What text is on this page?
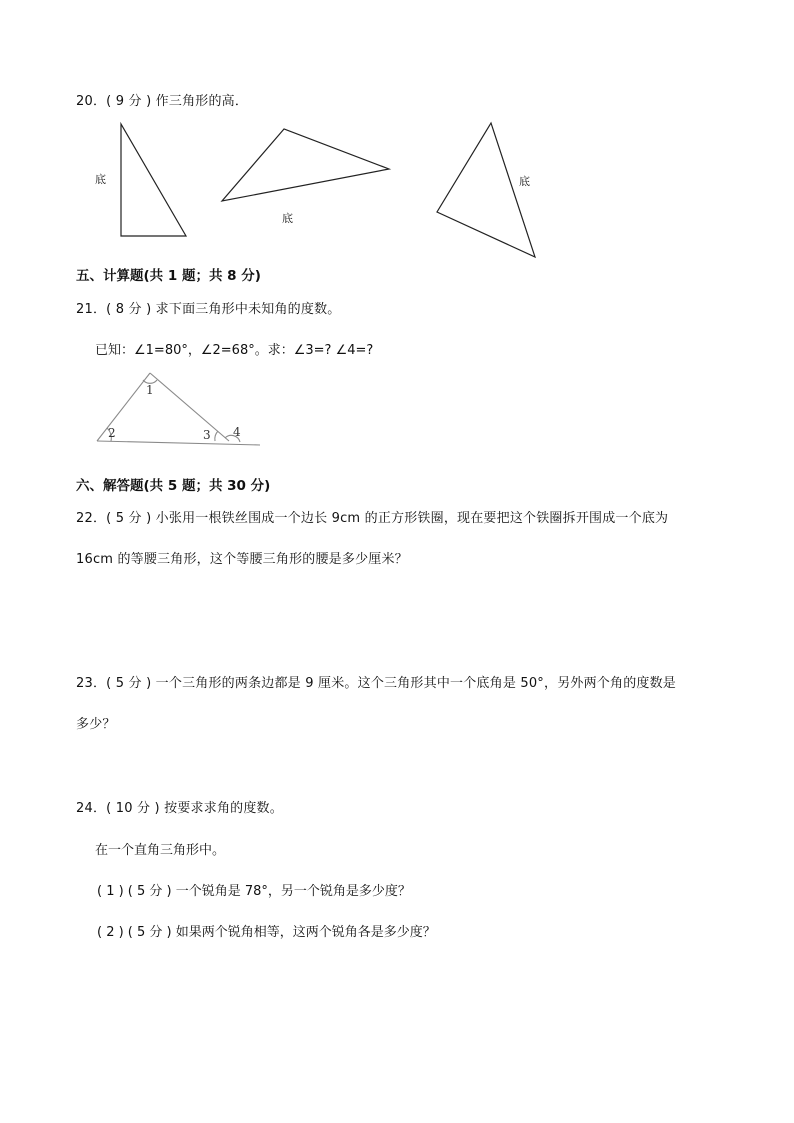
20．( 9 分 ) 作三角形的高．
底
底
底
五、计算题(共 1 题；共 8 分)
21．( 8 分 ) 求下面三角形中未知角的度数。
已知：∠1=80°，∠2=68°。求：∠3=? ∠4=?
1
2	3 4
六、解答题(共 5 题；共 30 分)
22．( 5 分 ) 小张用一根铁丝围成一个边长 9cm 的正方形铁圈，现在要把这个铁圈拆开围成一个底为
16cm 的等腰三角形，这个等腰三角形的腰是多少厘米？
23．( 5 分 ) 一个三角形的两条边都是 9 厘米。这个三角形其中一个底角是 50°，另外两个角的度数是
多少？
24．( 10 分 ) 按要求求角的度数。
在一个直角三角形中。
( 1 ) ( 5 分 ) 一个锐角是 78°，另一个锐角是多少度？
( 2 ) ( 5 分 ) 如果两个锐角相等，这两个锐角各是多少度？
